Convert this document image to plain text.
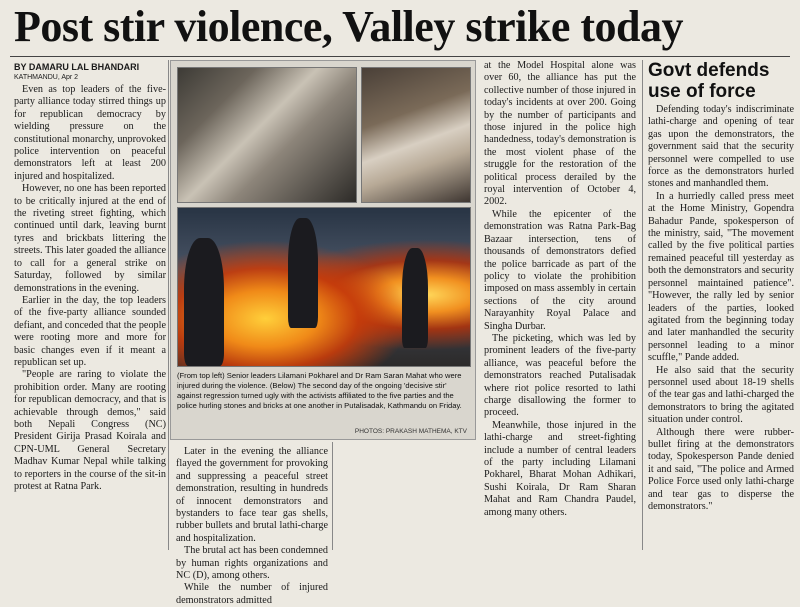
Post stir violence, Valley strike today
BY DAMARU LAL BHANDARI
KATHMANDU, Apr 2

Even as top leaders of the five-party alliance today stirred things up for republican democracy by wielding pressure on the constitutional monarchy, unprovoked police intervention on peaceful demonstrators left at least 200 injured and hospitalized.

However, no one has been reported to be critically injured at the end of the riveting street fighting, which continued until dark, leaving burnt tyres and brickbats littering the streets. This later goaded the alliance to call for a general strike on Saturday, followed by similar demonstrations in the evening.

Earlier in the day, the top leaders of the five-party alliance sounded defiant, and conceded that the people were rooting more and more for basic changes even if it meant a republican set up.

"People are raring to violate the prohibition order. Many are rooting for republican democracy, and that is achievable through demos," said both Nepali Congress (NC) President Girija Prasad Koirala and CPN-UML General Secretary Madhav Kumar Nepal while talking to reporters in the course of the sit-in protest at Ratna Park.

(From top left) Senior leaders Lilamani Pokharel and Dr Ram Saran Mahat who were injured during the violence. (Below) The second day of the ongoing 'decisive stir' against regression turned ugly with the activists affiliated to the five parties and the police hurling stones and bricks at one another in Putalisadak, Kathmandu on Friday.
PHOTOS: PRAKASH MATHEMA, KTV

Later in the evening the alliance flayed the government for provoking and suppressing a peaceful street demonstration, resulting in hundreds of innocent demonstrators and bystanders to face tear gas shells, rubber bullets and brutal lathi-charge and hospitalization.

The brutal act has been condemned by human rights organizations and NC (D), among others.

While the number of injured demonstrators admitted

at the Model Hospital alone was over 60, the alliance has put the collective number of those injured in today's incidents at over 200. Going by the number of participants and those injured in the police high handedness, today's demonstration is the most violent phase of the struggle for the restoration of the political process derailed by the royal intervention of October 4, 2002.

While the epicenter of the demonstration was Ratna Park-Bag Bazaar intersection, tens of thousands of demonstrators defied the police barricade as part of the policy to violate the prohibition imposed on mass assembly in certain sections of the city around Narayanhity Royal Palace and Singha Durbar.

The picketing, which was led by prominent leaders of the five-party alliance, was peaceful before the demonstrators reached Putalisadak where riot police resorted to lathi charge disallowing the former to proceed.

Meanwhile, those injured in the lathi-charge and street-fighting include a number of central leaders of the party including Lilamani Pokharel, Bharat Mohan Adhikari, Sushi Koirala, Dr Ram Sharan Mahat and Ram Chandra Paudel, among many others.

Govt defends use of force

Defending today's indiscriminate lathi-charge and opening of tear gas upon the demonstrators, the government said that the security personnel were compelled to use force as the demonstrators hurled stones and manhandled them.

In a hurriedly called press meet at the Home Ministry, Gopendra Bahadur Pande, spokesperson of the ministry, said, "The movement called by the five political parties remained peaceful till yesterday as both the demonstrators and security personnel maintained patience". "However, the rally led by senior leaders of the parties, looked agitated from the beginning today and later manhandled the security personnel leading to a minor scuffle," Pande added.

He also said that the security personnel used about 18-19 shells of the tear gas and lathi-charged the demonstrators to bring the agitated situation under control.

Although there were rubber-bullet firing at the demonstrators today, Spokesperson Pande denied it and said, "The police and Armed Police Force used only lathi-charge and tear gas to disperse the demonstrators."
